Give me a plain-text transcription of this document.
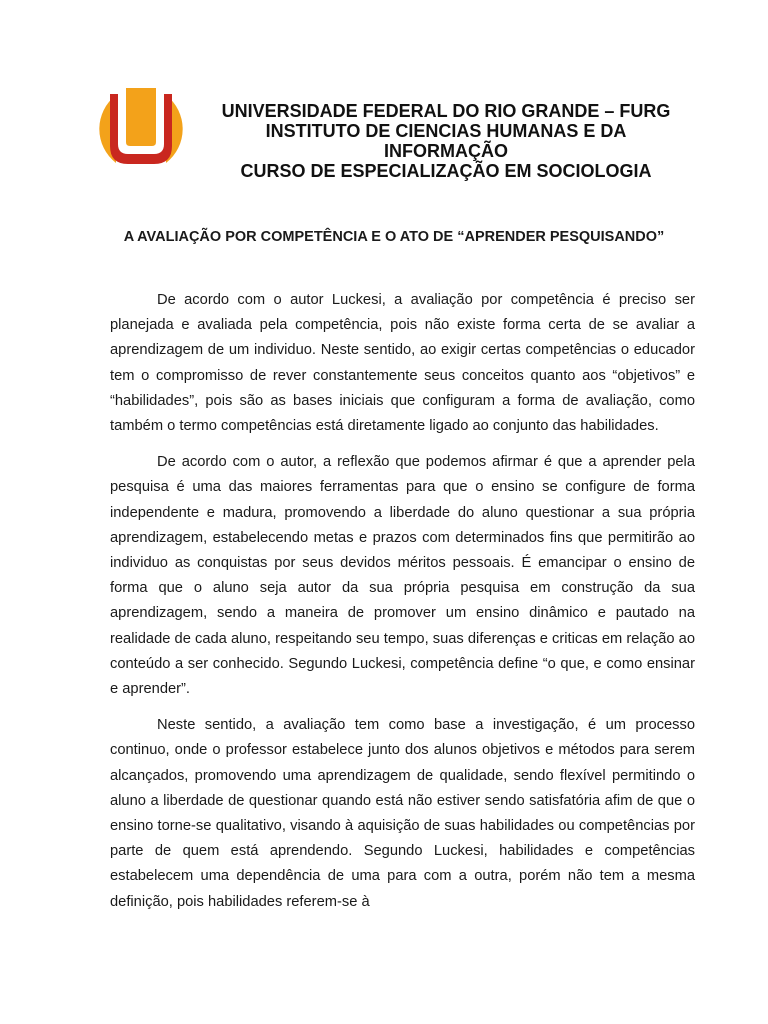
UNIVERSIDADE FEDERAL DO RIO GRANDE – FURG
INSTITUTO DE CIENCIAS HUMANAS E DA
INFORMAÇÃO
CURSO DE ESPECIALIZAÇÃO EM SOCIOLOGIA
A AVALIAÇÃO POR COMPETÊNCIA E O ATO DE “APRENDER PESQUISANDO”

De acordo com o autor Luckesi, a avaliação por competência é preciso ser planejada e avaliada pela competência, pois não existe forma certa de se avaliar a aprendizagem de um individuo. Neste sentido, ao exigir certas competências o educador tem o compromisso de rever constantemente seus conceitos quanto aos “objetivos” e “habilidades”, pois são as bases iniciais que configuram a forma de avaliação, como também o termo competências está diretamente ligado ao conjunto das habilidades.

De acordo com o autor, a reflexão que podemos afirmar é que a aprender pela pesquisa é uma das maiores ferramentas para que o ensino se configure de forma independente e madura, promovendo a liberdade do aluno questionar a sua própria aprendizagem, estabelecendo metas e prazos com determinados fins que permitirão ao individuo as conquistas por seus devidos méritos pessoais. É emancipar o ensino de forma que o aluno seja autor da sua própria pesquisa em construção da sua aprendizagem, sendo a maneira de promover um ensino dinâmico e pautado na realidade de cada aluno, respeitando seu tempo, suas diferenças e criticas em relação ao conteúdo a ser conhecido. Segundo Luckesi, competência define “o que, e como ensinar e aprender”.

Neste sentido, a avaliação tem como base a investigação, é um processo continuo, onde o professor estabelece junto dos alunos objetivos e métodos para serem alcançados, promovendo uma aprendizagem de qualidade, sendo flexível permitindo o aluno a liberdade de questionar quando está não estiver sendo satisfatória afim de que o ensino torne-se qualitativo, visando à aquisição de suas habilidades ou competências por parte de quem está aprendendo. Segundo Luckesi, habilidades e competências estabelecem uma dependência de uma para com a outra, porém não tem a mesma definição, pois habilidades referem-se à
